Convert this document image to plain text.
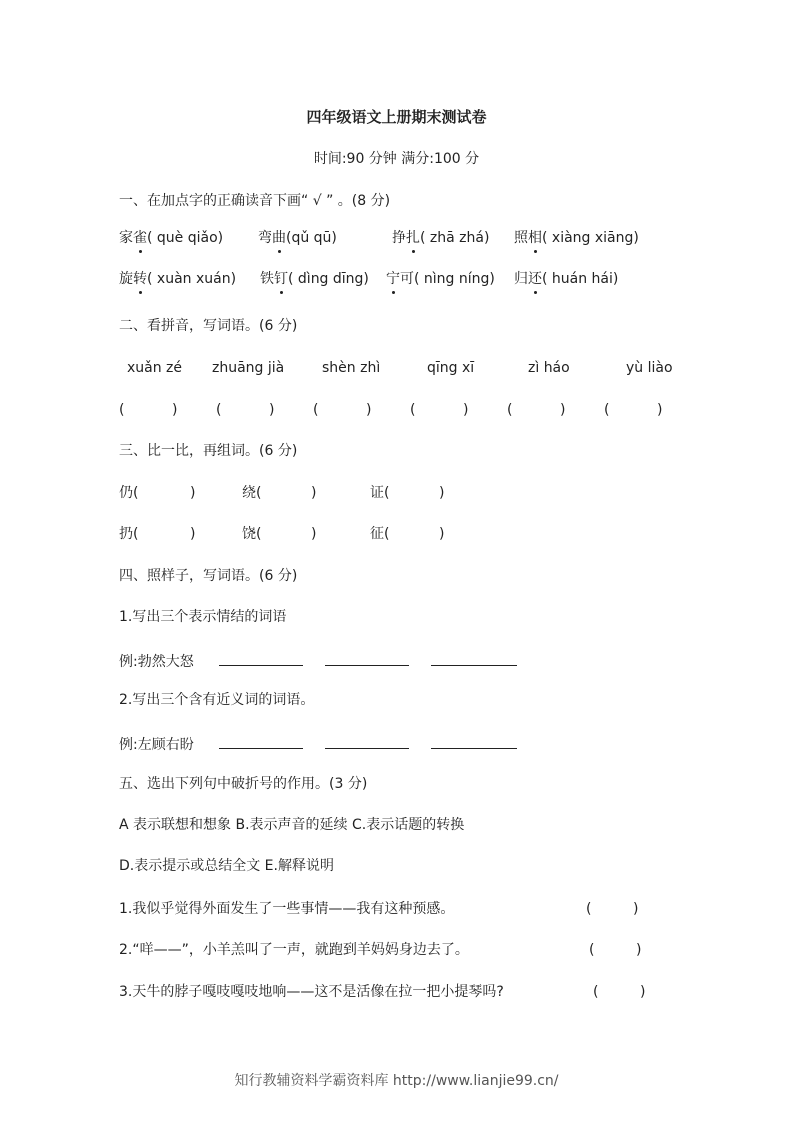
四年级语文上册期末测试卷
时间:90 分钟 满分:100 分
一、在加点字的正确读音下画“ √ ” 。(8 分)
家雀( què qiǎo) 弯曲(qǔ qū)	挣扎( zhā zhá) 照相( xiàng xiāng)
旋转( xuàn xuán) 铁钉( dìng dīng) 宁可( nìng níng) 归还( huán hái)
二、看拼音，写词语。(6 分)
xuǎn zé zhuāng jià	shèn zhì	qīng xī	zì háo	yù liào
(	)	(	)	(	)	(	)	(	)	(	)
三、比一比，再组词。(6 分)
仍(	)	绕(	)	证(	)
扔(	)	饶(	)	征(	)
四、照样子，写词语。(6 分)
1.写出三个表示情结的词语
例:勃然大怒
2.写出三个含有近义词的词语。
例:左顾右盼
五、选出下列句中破折号的作用。(3 分)
A 表示联想和想象 B.表示声音的延续 C.表示话题的转换
D.表示提示或总结全文 E.解释说明
1.我似乎觉得外面发生了一些事情——我有这种预感。	(	)
2.“咩——”，小羊羔叫了一声，就跑到羊妈妈身边去了。	(	)
3.天牛的脖子嘎吱嘎吱地响——这不是活像在拉一把小提琴吗?	(	)
知行教辅资料学霸资料库 http://www.lianjie99.cn/
